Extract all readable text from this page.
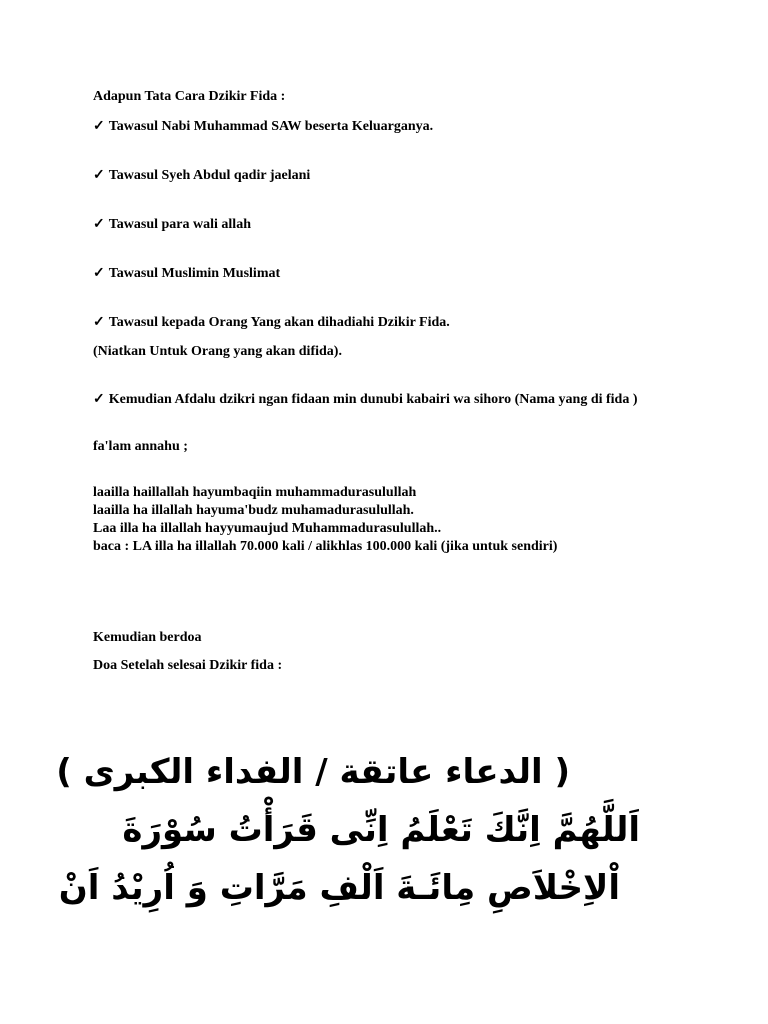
Adapun Tata Cara Dzikir Fida :
✓ Tawasul Nabi Muhammad SAW beserta Keluarganya.
✓ Tawasul Syeh Abdul qadir jaelani
✓ Tawasul para wali allah
✓ Tawasul Muslimin Muslimat
✓ Tawasul kepada Orang Yang akan dihadiahi Dzikir Fida.
(Niatkan Untuk Orang yang akan difida).
✓ Kemudian Afdalu dzikri ngan fidaan min dunubi kabairi wa sihoro (Nama yang di fida )
fa'lam annahu ;
laailla haillallah hayumbaqiin muhammadurasulullah
laailla ha illallah hayuma'budz muhamadurasulullah.
Laa illa ha illallah hayyumaujud Muhammadurasulullah..
baca : LA illa ha illallah 70.000 kali / alikhlas 100.000 kali (jika untuk sendiri)
Kemudian berdoa
Doa Setelah selesai Dzikir fida :
( الدعاء عاتقة / الفداء الكبرى )
اَللَّهُمَّ اِنَّكَ تَعْلَمُ اِنِّى قَرَأْتُ سُوْرَةَ
اْلاِخْلاَصِ مِائَـةَ اَلْفِ مَرَّاتِ وَ اُرِيْدُ اَنْ
